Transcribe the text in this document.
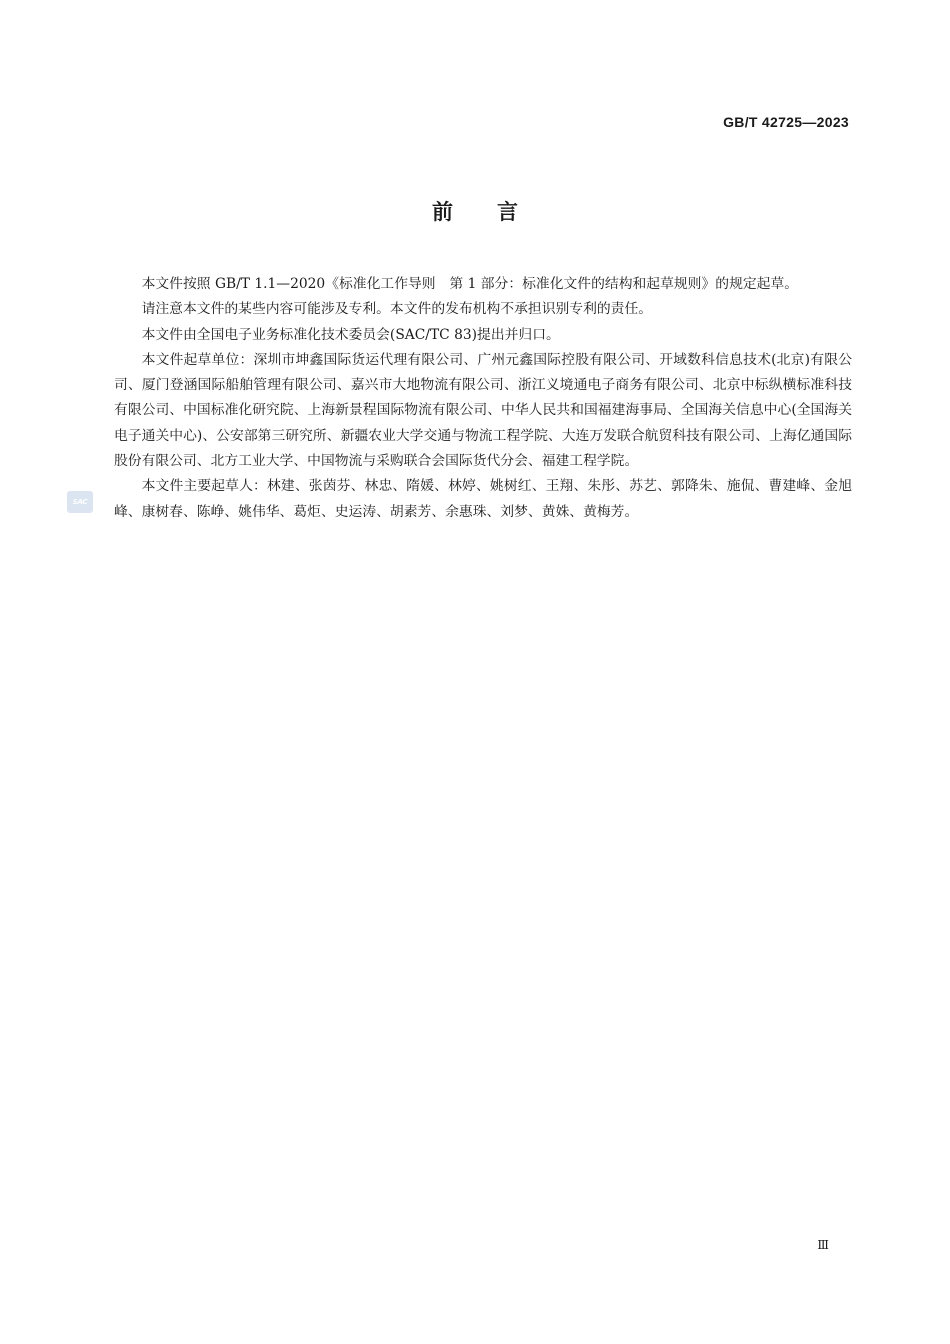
GB/T 42725—2023
前言

本文件按照 GB/T 1.1—2020《标准化工作导则　第 1 部分：标准化文件的结构和起草规则》的规定起草。

请注意本文件的某些内容可能涉及专利。本文件的发布机构不承担识别专利的责任。

本文件由全国电子业务标准化技术委员会(SAC/TC 83)提出并归口。

本文件起草单位：深圳市坤鑫国际货运代理有限公司、广州元鑫国际控股有限公司、开域数科信息技术(北京)有限公司、厦门登涵国际船舶管理有限公司、嘉兴市大地物流有限公司、浙江义境通电子商务有限公司、北京中标纵横标准科技有限公司、中国标准化研究院、上海新景程国际物流有限公司、中华人民共和国福建海事局、全国海关信息中心(全国海关电子通关中心)、公安部第三研究所、新疆农业大学交通与物流工程学院、大连万发联合航贸科技有限公司、上海亿通国际股份有限公司、北方工业大学、中国物流与采购联合会国际货代分会、福建工程学院。

本文件主要起草人：林建、张茵芬、林忠、隋媛、林婷、姚树红、王翔、朱彤、苏艺、郭降朱、施侃、曹建峰、金旭峰、康树春、陈峥、姚伟华、葛炬、史运涛、胡素芳、余惠珠、刘梦、黄姝、黄梅芳。

SAC
Ⅲ
